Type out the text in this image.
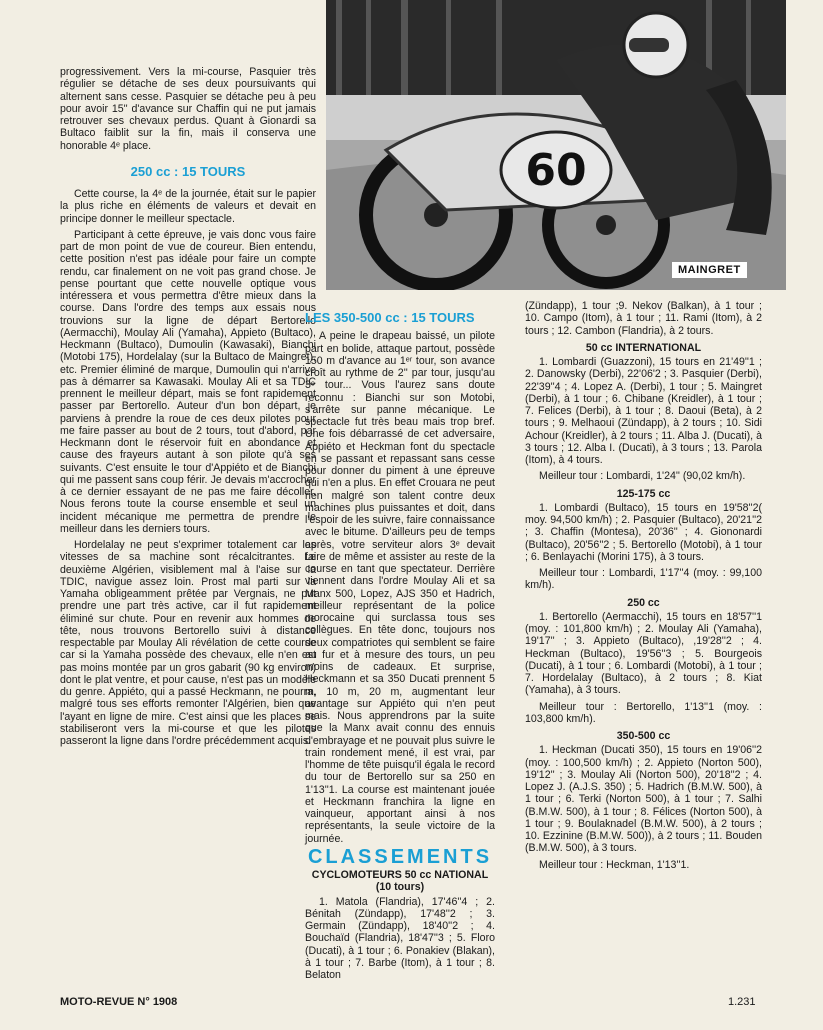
60
MAINGRET

progressivement. Vers la mi-course, Pasquier très régulier se détache de ses deux poursuivants qui alternent sans cesse. Pasquier se détache peu à peu pour avoir 15'' d'avance sur Chaffin qui ne put jamais retrouver ses chevaux perdus. Quant à Gionardi sa Bultaco faiblit sur la fin, mais il conserva une honorable 4ᵉ place.

250 cc : 15 TOURS

Cette course, la 4ᵉ de la journée, était sur le papier la plus riche en éléments de valeurs et devait en principe donner le meilleur spectacle.

Participant à cette épreuve, je vais donc vous faire part de mon point de vue de coureur. Bien entendu, cette position n'est pas idéale pour faire un compte rendu, car finalement on ne voit pas grand chose. Je pense pourtant que cette nouvelle optique vous intéressera et vous permettra d'être mieux dans la course. Dans l'ordre des temps aux essais nous trouvions sur la ligne de départ Bertorello (Aermacchi), Moulay Ali (Yamaha), Appieto (Bultaco), Heckmann (Bultaco), Dumoulin (Kawasaki), Bianchi (Motobi 175), Hordelalay (sur la Bultaco de Maingret), etc. Premier éliminé de marque, Dumoulin qui n'arrive pas à démarrer sa Kawasaki. Moulay Ali et sa TDIC prennent le meilleur départ, mais se font rapidement passer par Bertorello. Auteur d'un bon départ, je parviens à prendre la roue de ces deux pilotes pour me faire passer au bout de 2 tours, tout d'abord, par Heckmann dont le réservoir fuit en abondance et cause des frayeurs autant à son pilote qu'à ses suivants. C'est ensuite le tour d'Appiéto et de Bianchi qui me passent sans coup férir. Je devais m'accrocher à ce dernier essayant de ne pas me faire décoller. Nous ferons toute la course ensemble et seul un incident mécanique me permettra de prendre le meilleur dans les derniers tours.

Hordelalay ne peut s'exprimer totalement car les vitesses de sa machine sont récalcitrantes. Le deuxième Algérien, visiblement mal à l'aise sur la TDIC, navigue assez loin. Prost mal parti sur la Yamaha obligeamment prêtée par Vergnais, ne put prendre une part très active, car il fut rapidement éliminé sur chute. Pour en revenir aux hommes de tête, nous trouvons Bertorello suivi à distance respectable par Moulay Ali révélation de cette course car si la Yamaha possède des chevaux, elle n'en est pas moins montée par un gros gabarit (90 kg environ) dont le plat ventre, et pour cause, n'est pas un modèle du genre. Appiéto, qui a passé Heckmann, ne pourra, malgré tous ses efforts remonter l'Algérien, bien que l'ayant en ligne de mire. C'est ainsi que les places se stabiliseront vers la mi-course et que les pilotes passeront la ligne dans l'ordre précédemment acquis.

LES 350-500 cc : 15 TOURS

A peine le drapeau baissé, un pilote part en bolide, attaque partout, possède 150 m d'avance au 1ᵉʳ tour, son avance croît au rythme de 2'' par tour, jusqu'au 3ᵉ tour... Vous l'aurez sans doute reconnu : Bianchi sur son Motobi, s'arrête sur panne mécanique. Le spectacle fut très beau mais trop bref. Une fois débarrassé de cet adversaire, Appiéto et Heckman font du spectacle en se passant et repassant sans cesse pour donner du piment à une épreuve qui n'en a plus. En effet Crouara ne peut rien malgré son talent contre deux machines plus puissantes et doit, dans l'espoir de les suivre, faire connaissance avec le bitume. D'ailleurs peu de temps après, votre serviteur alors 3ᵉ devait faire de même et assister au reste de la course en tant que spectateur. Derrière viennent dans l'ordre Moulay Ali et sa Manx 500, Lopez, AJS 350 et Hadrich, meilleur représentant de la police morocaine qui surclassa tous ses collègues. En tête donc, toujours nos deux compatriotes qui semblent se faire au fur et à mesure des tours, un peu moins de cadeaux. Et surprise, Heckmann et sa 350 Ducati prennent 5 m, 10 m, 20 m, augmentant leur avantage sur Appiéto qui n'en peut mais. Nous apprendrons par la suite que la Manx avait connu des ennuis d'embrayage et ne pouvait plus suivre le train rondement mené, il est vrai, par l'homme de tête puisqu'il égala le record du tour de Bertorello sur sa 250 en 1'13''1. La course est maintenant jouée et Heckmann franchira la ligne en vainqueur, apportant ainsi à nos représentants, la seule victoire de la journée.

CLASSEMENTS
CYCLOMOTEURS 50 cc NATIONAL
(10 tours)

1. Matola (Flandria), 17'46''4 ; 2. Bénitah (Zündapp), 17'48''2 ; 3. Germain (Zündapp), 18'40''2 ; 4. Bouchaïd (Flandria), 18'47''3 ; 5. Floro (Ducati), à 1 tour ; 6. Ponakiev (Blakan), à 1 tour ; 7. Barbe (Itom), à 1 tour ; 8. Belaton

(Zündapp), 1 tour ;9. Nekov (Balkan), à 1 tour ; 10. Campo (Itom), à 1 tour ; 11. Rami (Itom), à 2 tours ; 12. Cambon (Flandria), à 2 tours.

50 cc INTERNATIONAL

1. Lombardi (Guazzoni), 15 tours en 21'49''1 ; 2. Danowsky (Derbi), 22'06'2 ; 3. Pasquier (Derbi), 22'39''4 ; 4. Lopez A. (Derbi), 1 tour ; 5. Maingret (Derbi), à 1 tour ; 6. Chibane (Kreidler), à 1 tour ; 7. Felices (Derbi), à 1 tour ; 8. Daoui (Beta), à 2 tours ; 9. Melhaoui (Zündapp), à 2 tours ; 10. Sidi Achour (Kreidler), à 2 tours ; 11. Alba J. (Ducati), à 3 tours ; 12. Alba I. (Ducati), à 3 tours ; 13. Parola (Itom), à 4 tours.

Meilleur tour : Lombardi, 1'24'' (90,02 km/h).

125-175 cc

1. Lombardi (Bultaco), 15 tours en 19'58''2( moy. 94,500 km/h) ; 2. Pasquier (Bultaco), 20'21''2 ; 3. Chaffin (Montesa), 20'36'' ; 4. Giononardi (Bultaco), 20'56''2 ; 5. Bertorello (Motobi), à 1 tour ; 6. Benlayachi (Morini 175), à 3 tours.

Meilleur tour : Lombardi, 1'17''4 (moy. : 99,100 km/h).

250 cc

1. Bertorello (Aermacchi), 15 tours en 18'57''1 (moy. : 101,800 km/h) ; 2. Moulay Ali (Yamaha), 19'17'' ; 3. Appieto (Bultaco), ,19'28''2 ; 4. Heckman (Bultaco), 19'56''3 ; 5. Bourgeois (Ducati), à 1 tour ; 6. Lombardi (Motobi), à 1 tour ; 7. Hordelalay (Bultaco), à 2 tours ; 8. Kiat (Yamaha), à 3 tours.

Meilleur tour : Bertorello, 1'13''1 (moy. : 103,800 km/h).

350-500 cc

1. Heckman (Ducati 350), 15 tours en 19'06''2 (moy. : 100,500 km/h) ; 2. Appieto (Norton 500), 19'12'' ; 3. Moulay Ali (Norton 500), 20'18''2 ; 4. Lopez J. (A.J.S. 350) ; 5. Hadrich (B.M.W. 500), à 1 tour ; 6. Terki (Norton 500), à 1 tour ; 7. Salhi (B.M.W. 500), à 1 tour ; 8. Félices (Norton 500), à 1 tour ; 9. Boulaknadel (B.M.W. 500), à 2 tours ; 10. Ezzinine (B.M.W. 500)), à 2 tours ; 11. Bouden (B.M.W. 500), à 3 tours.

Meilleur tour : Heckman, 1'13''1.

MOTO-REVUE N° 1908	1.231
